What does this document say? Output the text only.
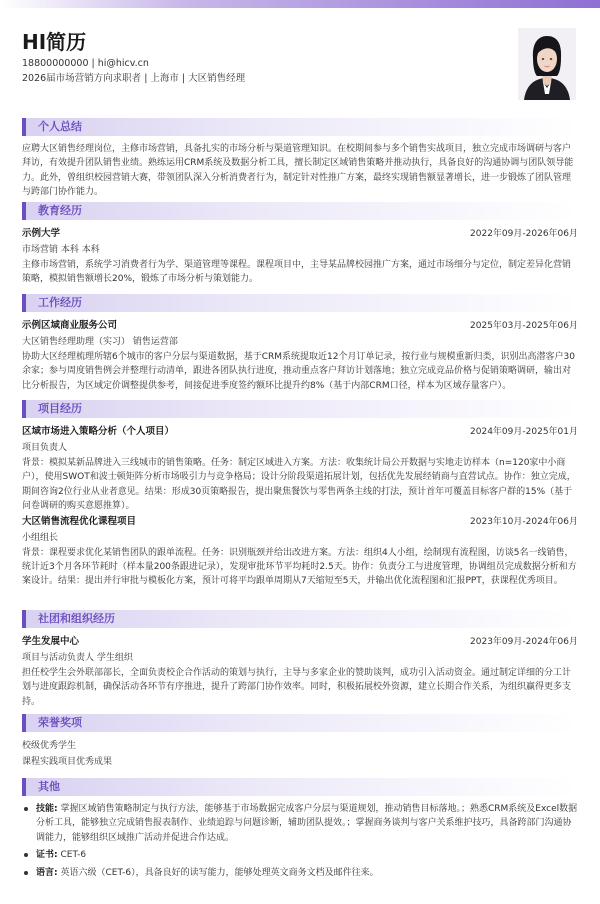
HI简历
18800000000 | hi@hicv.cn
2026届市场营销方向求职者 | 上海市 | 大区销售经理
个人总结
应聘大区销售经理岗位，主修市场营销，具备扎实的市场分析与渠道管理知识。在校期间参与多个销售实战项目，独立完成市场调研与客户拜访，有效提升团队销售业绩。熟练运用CRM系统及数据分析工具，擅长制定区域销售策略并推动执行，具备良好的沟通协调与团队领导能力。此外，曾组织校园营销大赛，带领团队深入分析消费者行为，制定针对性推广方案，最终实现销售额显著增长，进一步锻炼了团队管理与跨部门协作能力。
教育经历
示例大学	2022年09月-2026年06月
市场营销 本科 本科
主修市场营销，系统学习消费者行为学、渠道管理等课程。课程项目中，主导某品牌校园推广方案，通过市场细分与定位，制定差异化营销策略，模拟销售额增长20%，锻炼了市场分析与策划能力。
工作经历
示例区域商业服务公司	2025年03月-2025年06月
大区销售经理助理（实习） 销售运营部
协助大区经理梳理所辖6个城市的客户分层与渠道数据，基于CRM系统提取近12个月订单记录，按行业与规模重新归类，识别出高潜客户30余家；参与周度销售例会并整理行动清单，跟进各团队执行进度，推动重点客户拜访计划落地；独立完成竞品价格与促销策略调研，输出对比分析报告，为区域定价调整提供参考，间接促进季度签约额环比提升约8%（基于内部CRM口径，样本为区域存量客户）。
项目经历
区域市场进入策略分析（个人项目）	2024年09月-2025年01月
项目负责人
背景：模拟某新品牌进入三线城市的销售策略。任务：制定区域进入方案。方法：收集统计局公开数据与实地走访样本（n=120家中小商户），使用SWOT和波士顿矩阵分析市场吸引力与竞争格局；设计分阶段渠道拓展计划，包括优先发展经销商与直营试点。协作：独立完成，期间咨询2位行业从业者意见。结果：形成30页策略报告，提出聚焦餐饮与零售两条主线的打法，预计首年可覆盖目标客户群的15%（基于问卷调研的购买意愿推算）。
大区销售流程优化课程项目	2023年10月-2024年06月
小组组长
背景：课程要求优化某销售团队的跟单流程。任务：识别瓶颈并给出改进方案。方法：组织4人小组，绘制现有流程图，访谈5名一线销售，统计近3个月各环节耗时（样本量200条跟进记录），发现审批环节平均耗时2.5天。协作：负责分工与进度管理，协调组员完成数据分析和方案设计。结果：提出并行审批与模板化方案，预计可将平均跟单周期从7天缩短至5天，并输出优化流程图和汇报PPT，获课程优秀项目。
社团和组织经历
学生发展中心	2023年09月-2024年06月
项目与活动负责人 学生组织
担任校学生会外联部部长，全面负责校企合作活动的策划与执行，主导与多家企业的赞助谈判，成功引入活动资金。通过制定详细的分工计划与进度跟踪机制，确保活动各环节有序推进，提升了跨部门协作效率。同时，积极拓展校外资源，建立长期合作关系，为组织赢得更多支持。
荣誉奖项
校级优秀学生
课程实践项目优秀成果
其他
技能: 掌握区域销售策略制定与执行方法，能够基于市场数据完成客户分层与渠道规划，推动销售目标落地。；熟悉CRM系统及Excel数据分析工具，能够独立完成销售报表制作、业绩追踪与问题诊断，辅助团队提效。；掌握商务谈判与客户关系维护技巧，具备跨部门沟通协调能力，能够组织区域推广活动并促进合作达成。
证书: CET-6
语言: 英语六级（CET-6），具备良好的读写能力，能够处理英文商务文档及邮件往来。
